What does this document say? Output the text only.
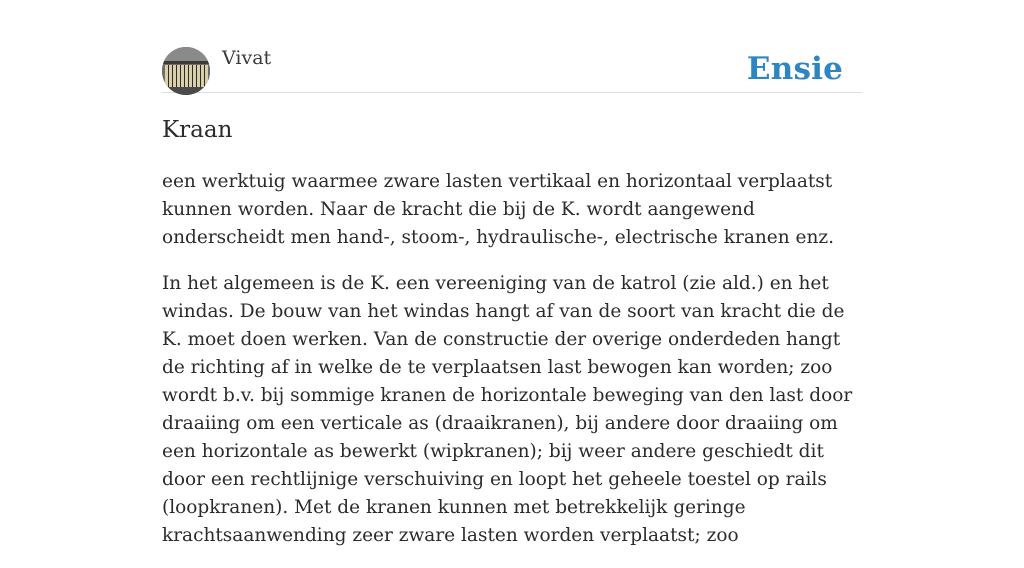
Vivat	Ensie
Kraan

een werktuig waarmee zware lasten vertikaal en horizontaal verplaatst kunnen worden. Naar de kracht die bij de K. wordt aangewend onderscheidt men hand-, stoom-, hydraulische-, electrische kranen enz.

In het algemeen is de K. een vereeniging van de katrol (zie ald.) en het windas. De bouw van het windas hangt af van de soort van kracht die de K. moet doen werken. Van de constructie der overige onderdeden hangt de richting af in welke de te verplaatsen last bewogen kan worden; zoo wordt b.v. bij sommige kranen de horizontale beweging van den last door draaiing om een verticale as (draaikranen), bij andere door draaiing om een horizontale as bewerkt (wipkranen); bij weer andere geschiedt dit door een rechtlijnige verschuiving en loopt het geheele toestel op rails (loopkranen). Met de kranen kunnen met betrekkelijk geringe krachtsaanwending zeer zware lasten worden verplaatst; zoo
